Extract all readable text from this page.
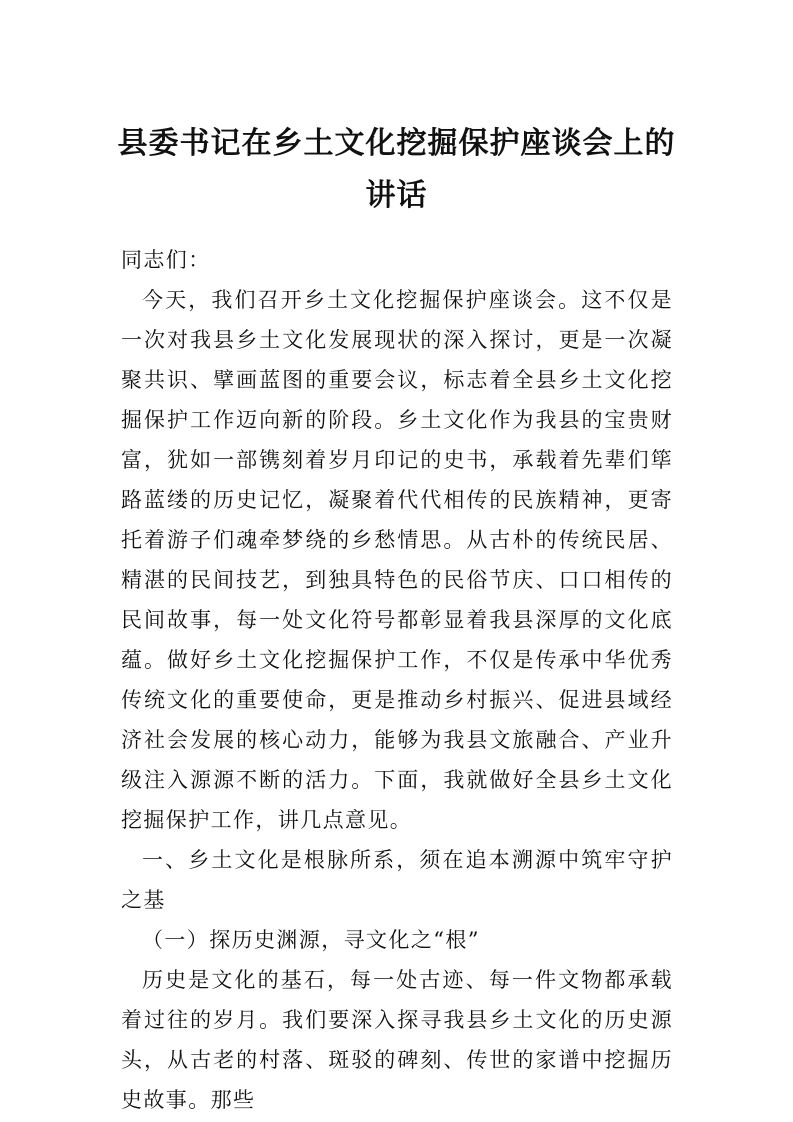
县委书记在乡土文化挖掘保护座谈会上的讲话

同志们：

今天，我们召开乡土文化挖掘保护座谈会。这不仅是一次对我县乡土文化发展现状的深入探讨，更是一次凝聚共识、擘画蓝图的重要会议，标志着全县乡土文化挖掘保护工作迈向新的阶段。乡土文化作为我县的宝贵财富，犹如一部镌刻着岁月印记的史书，承载着先辈们筚路蓝缕的历史记忆，凝聚着代代相传的民族精神，更寄托着游子们魂牵梦绕的乡愁情思。从古朴的传统民居、精湛的民间技艺，到独具特色的民俗节庆、口口相传的民间故事，每一处文化符号都彰显着我县深厚的文化底蕴。做好乡土文化挖掘保护工作，不仅是传承中华优秀传统文化的重要使命，更是推动乡村振兴、促进县域经济社会发展的核心动力，能够为我县文旅融合、产业升级注入源源不断的活力。下面，我就做好全县乡土文化挖掘保护工作，讲几点意见。

一、乡土文化是根脉所系，须在追本溯源中筑牢守护之基

（一）探历史渊源，寻文化之“根”

历史是文化的基石，每一处古迹、每一件文物都承载着过往的岁月。我们要深入探寻我县乡土文化的历史源头，从古老的村落、斑驳的碑刻、传世的家谱中挖掘历史故事。那些
